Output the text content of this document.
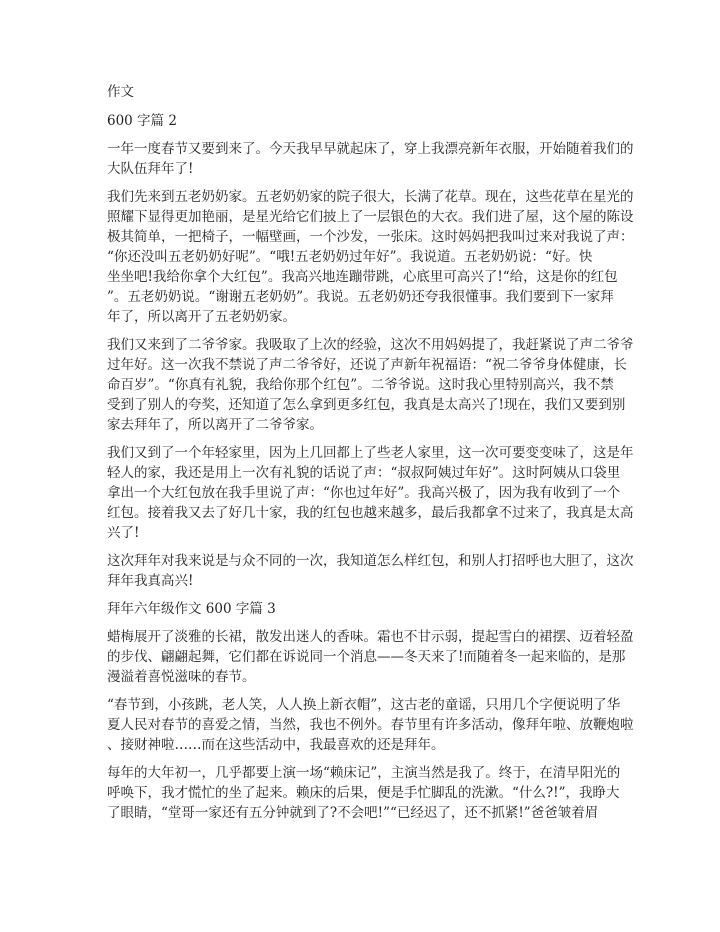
作文

600 字篇 2

一年一度春节又要到来了。今天我早早就起床了，穿上我漂亮新年衣服，开始随着我们的

大队伍拜年了!

我们先来到五老奶奶家。五老奶奶家的院子很大，长满了花草。现在，这些花草在星光的

照耀下显得更加艳丽，是星光给它们披上了一层银色的大衣。我们进了屋，这个屋的陈设

极其简单，一把椅子，一幅壁画，一个沙发，一张床。这时妈妈把我叫过来对我说了声：

“你还没叫五老奶奶好呢”。“哦!五老奶奶过年好”。我说道。五老奶奶说：“好。快

坐坐吧!我给你拿个大红包”。我高兴地连蹦带跳，心底里可高兴了!“给，这是你的红包

”。五老奶奶说。“谢谢五老奶奶”。我说。五老奶奶还夸我很懂事。我们要到下一家拜

年了，所以离开了五老奶奶家。

我们又来到了二爷爷家。我吸取了上次的经验，这次不用妈妈提了，我赶紧说了声二爷爷

过年好。这一次我不禁说了声二爷爷好，还说了声新年祝福语：“祝二爷爷身体健康，长

命百岁”。“你真有礼貌，我给你那个红包”。二爷爷说。这时我心里特别高兴，我不禁

受到了别人的夸奖，还知道了怎么拿到更多红包，我真是太高兴了!现在，我们又要到别

家去拜年了，所以离开了二爷爷家。

我们又到了一个年轻家里，因为上几回都上了些老人家里，这一次可要变变味了，这是年

轻人的家，我还是用上一次有礼貌的话说了声：“叔叔阿姨过年好”。这时阿姨从口袋里

拿出一个大红包放在我手里说了声：“你也过年好”。我高兴极了，因为我有收到了一个

红包。接着我又去了好几十家，我的红包也越来越多，最后我都拿不过来了，我真是太高

兴了!

这次拜年对我来说是与众不同的一次，我知道怎么样红包，和别人打招呼也大胆了，这次

拜年我真高兴!

拜年六年级作文 600 字篇 3

蜡梅展开了淡雅的长裙，散发出迷人的香味。霜也不甘示弱，提起雪白的裙摆、迈着轻盈

的步伐、翩翩起舞，它们都在诉说同一个消息——冬天来了!而随着冬一起来临的，是那

漫溢着喜悦滋味的春节。

“春节到，小孩跳，老人笑，人人换上新衣帽”，这古老的童谣，只用几个字便说明了华

夏人民对春节的喜爱之情，当然，我也不例外。春节里有许多活动，像拜年啦、放鞭炮啦

、接财神啦……而在这些活动中，我最喜欢的还是拜年。

每年的大年初一，几乎都要上演一场“赖床记”，主演当然是我了。终于，在清早阳光的

呼唤下，我才慌忙的坐了起来。赖床的后果，便是手忙脚乱的洗漱。“什么?!”，我睁大

了眼睛，“堂哥一家还有五分钟就到了?不会吧!”“已经迟了，还不抓紧!”爸爸皱着眉
